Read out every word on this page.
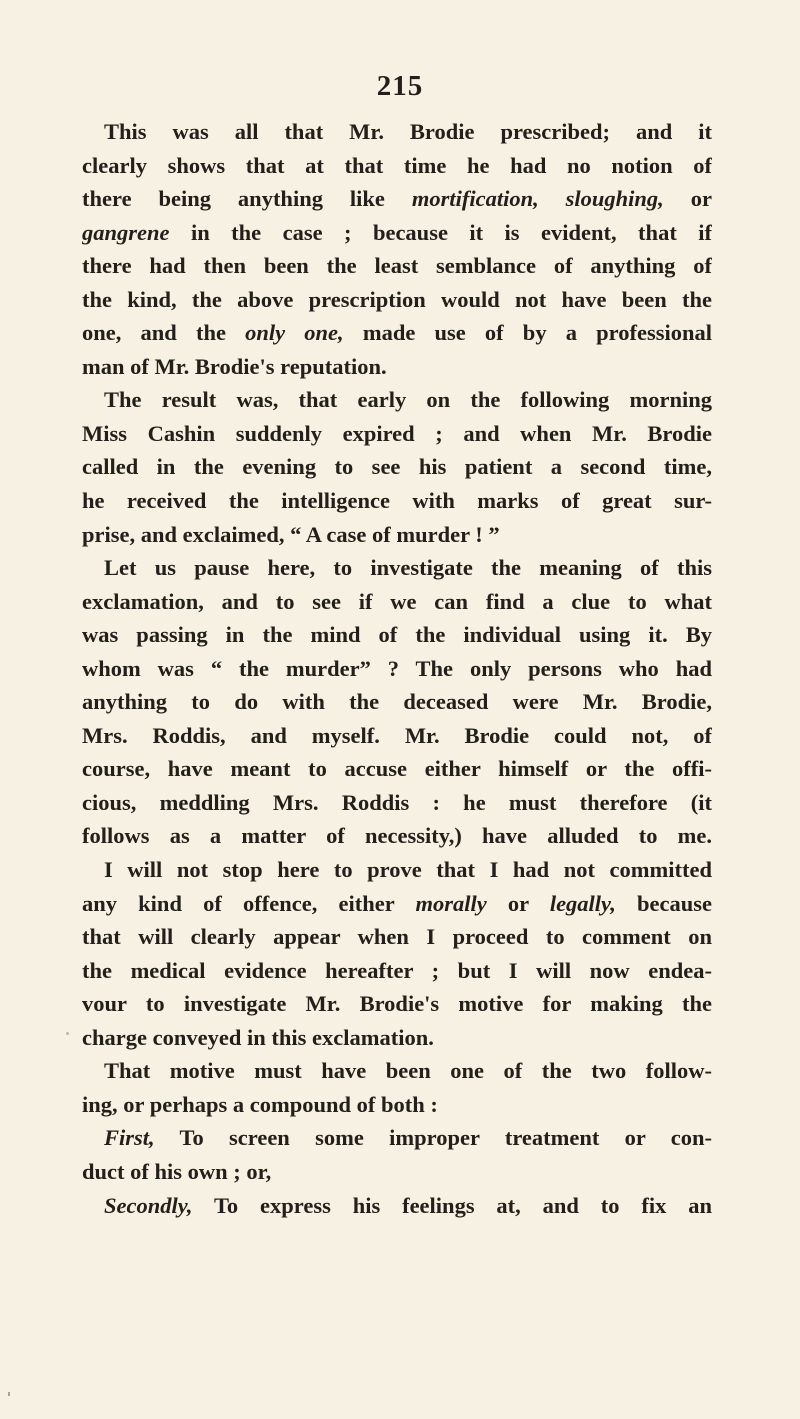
215
This was all that Mr. Brodie prescribed; and it
clearly shows that at that time he had no notion of
there being anything like mortification, sloughing, or
gangrene in the case ; because it is evident, that if
there had then been the least semblance of anything of
the kind, the above prescription would not have been the
one, and the only one, made use of by a professional
man of Mr. Brodie's reputation.
The result was, that early on the following morning
Miss Cashin suddenly expired ; and when Mr. Brodie
called in the evening to see his patient a second time,
he received the intelligence with marks of great sur-
prise, and exclaimed, “ A case of murder ! ”
Let us pause here, to investigate the meaning of this
exclamation, and to see if we can find a clue to what
was passing in the mind of the individual using it. By
whom was “ the murder” ? The only persons who had
anything to do with the deceased were Mr. Brodie,
Mrs. Roddis, and myself. Mr. Brodie could not, of
course, have meant to accuse either himself or the offi-
cious, meddling Mrs. Roddis : he must therefore (it
follows as a matter of necessity,) have alluded to me.
I will not stop here to prove that I had not committed
any kind of offence, either morally or legally, because
that will clearly appear when I proceed to comment on
the medical evidence hereafter ; but I will now endea-
vour to investigate Mr. Brodie's motive for making the
charge conveyed in this exclamation.
That motive must have been one of the two follow-
ing, or perhaps a compound of both :
First, To screen some improper treatment or con-
duct of his own ; or,
Secondly, To express his feelings at, and to fix an
